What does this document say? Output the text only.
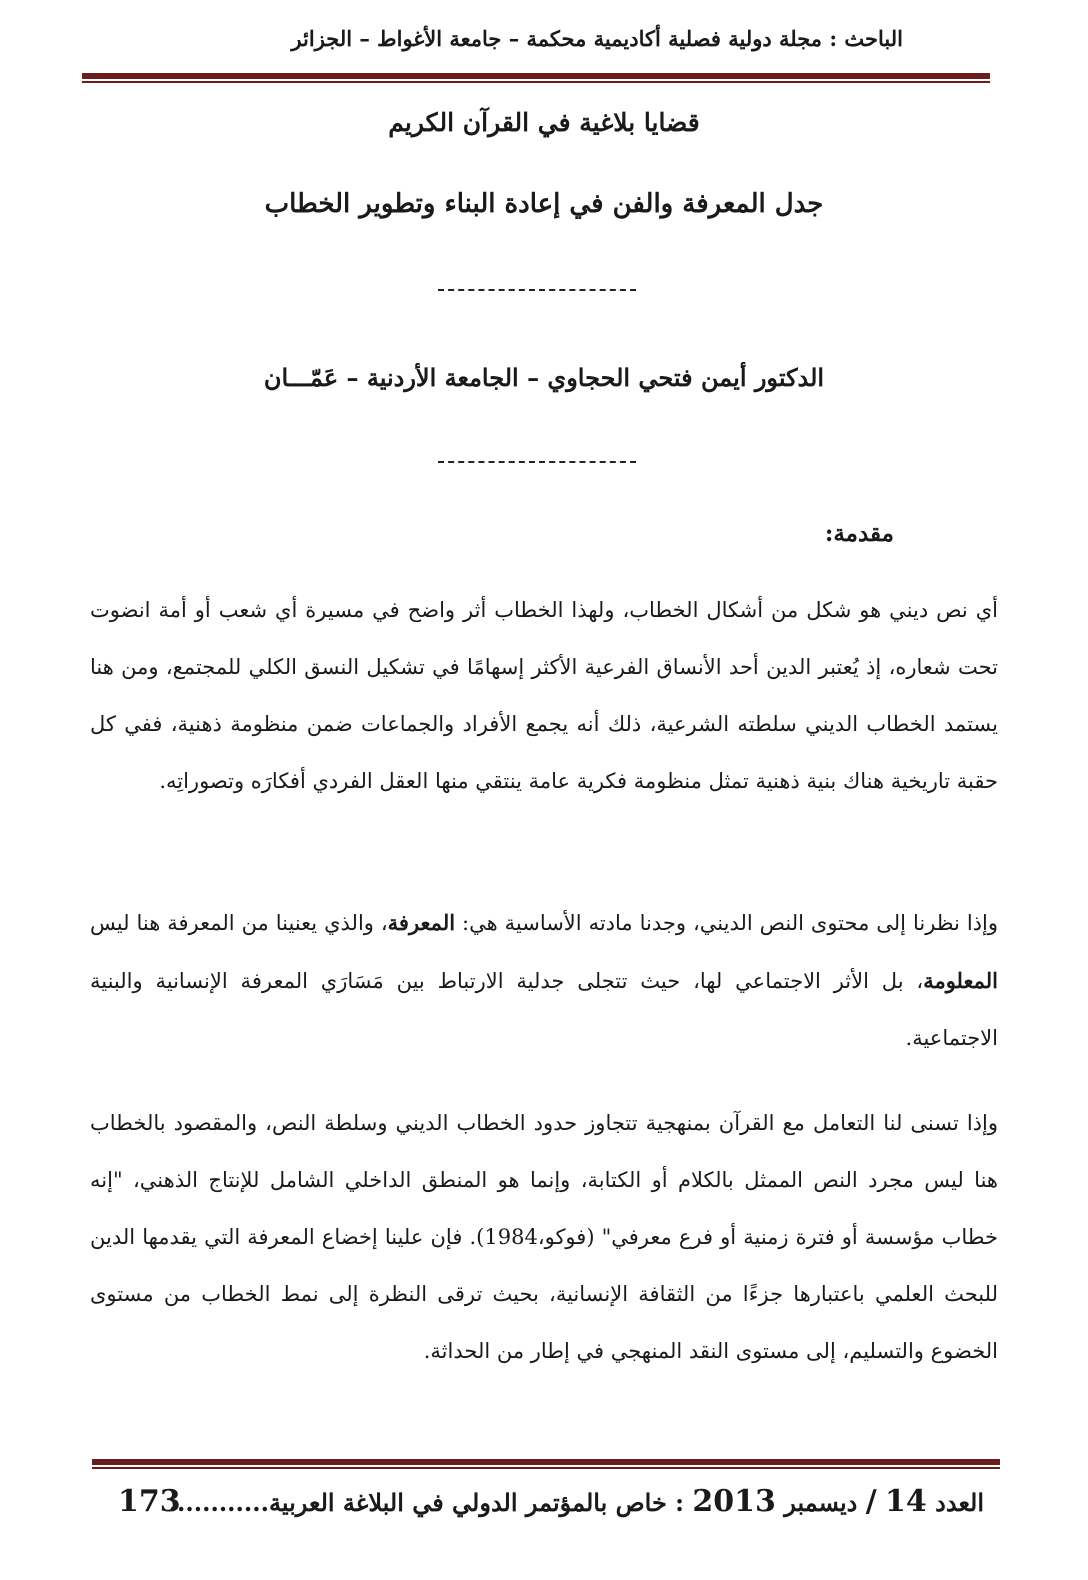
الباحث : مجلة دولية فصلية أكاديمية محكمة – جامعة الأغواط – الجزائر
قضايا بلاغية في القرآن الكريم
جدل المعرفة والفن في إعادة البناء وتطوير الخطاب
الدكتور أيمن فتحي الحجاوي – الجامعة الأردنية – عَمّـــان
مقدمة:

أي نص ديني هو شكل من أشكال الخطاب، ولهذا الخطاب أثر واضح في مسيرة أي شعب أو أمة انضوت تحت شعاره، إذ يُعتبر الدين أحد الأنساق الفرعية الأكثر إسهامًا في تشكيل النسق الكلي للمجتمع، ومن هنا يستمد الخطاب الديني سلطته الشرعية، ذلك أنه يجمع الأفراد والجماعات ضمن منظومة ذهنية، ففي كل حقبة تاريخية هناك بنية ذهنية تمثل منظومة فكرية عامة ينتقي منها العقل الفردي أفكارَه وتصوراتِه.

وإذا نظرنا إلى محتوى النص الديني، وجدنا مادته الأساسية هي: المعرفة، والذي يعنينا من المعرفة هنا ليس المعلومة، بل الأثر الاجتماعي لها، حيث تتجلى جدلية الارتباط بين مَسَارَي المعرفة الإنسانية والبنية الاجتماعية.

وإذا تسنى لنا التعامل مع القرآن بمنهجية تتجاوز حدود الخطاب الديني وسلطة النص، والمقصود بالخطاب هنا ليس مجرد النص الممثل بالكلام أو الكتابة، وإنما هو المنطق الداخلي الشامل للإنتاج الذهني، "إنه خطاب مؤسسة أو فترة زمنية أو فرع معرفي" (فوكو،1984). فإن علينا إخضاع المعرفة التي يقدمها الدين للبحث العلمي باعتبارها جزءًا من الثقافة الإنسانية، بحيث ترقى النظرة إلى نمط الخطاب من مستوى الخضوع والتسليم، إلى مستوى النقد المنهجي في إطار من الحداثة.

العدد 14 / ديسمبر 2013 : خاص بالمؤتمر الدولي في البلاغة العربية............
173
